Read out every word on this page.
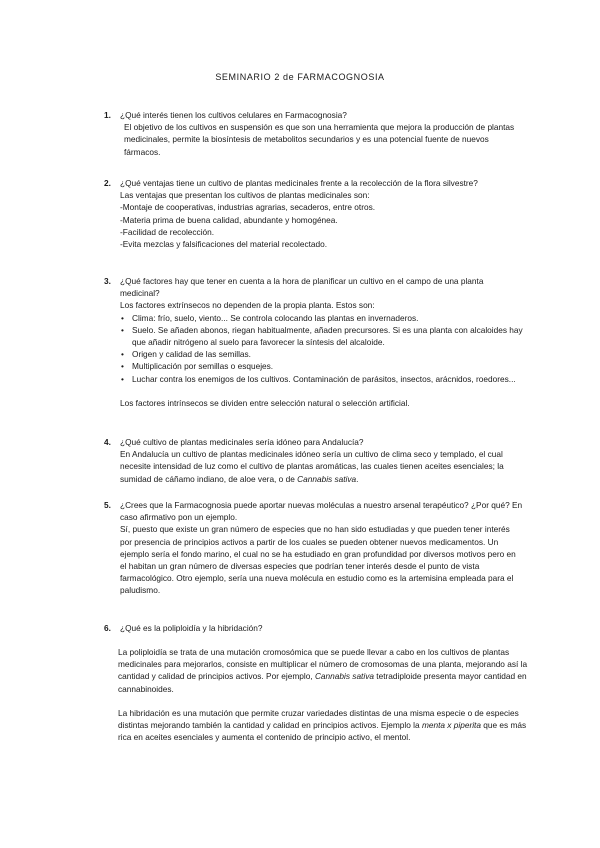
SEMINARIO 2 de FARMACOGNOSIA
1. ¿Qué interés tienen los cultivos celulares en Farmacognosia?
El objetivo de los cultivos en suspensión es que son una herramienta que mejora la producción de plantas medicinales, permite la biosíntesis de metabolitos secundarios y es una potencial fuente de nuevos fármacos.
2. ¿Qué ventajas tiene un cultivo de plantas medicinales frente a la recolección de la flora silvestre?
Las ventajas que presentan los cultivos de plantas medicinales son:
-Montaje de cooperativas, industrias agrarias, secaderos, entre otros.
-Materia prima de buena calidad, abundante y homogénea.
-Facilidad de recolección.
-Evita mezclas y falsificaciones del material recolectado.
3. ¿Qué factores hay que tener en cuenta a la hora de planificar un cultivo en el campo de una planta medicinal?
Los factores extrínsecos no dependen de la propia planta. Estos son:
• Clima: frío, suelo, viento... Se controla colocando las plantas en invernaderos.
• Suelo. Se añaden abonos, riegan habitualmente, añaden precursores. Si es una planta con alcaloides hay que añadir nitrógeno al suelo para favorecer la síntesis del alcaloide.
• Origen y calidad de las semillas.
• Multiplicación por semillas o esquejes.
• Luchar contra los enemigos de los cultivos. Contaminación de parásitos, insectos, arácnidos, roedores...
Los factores intrínsecos se dividen entre selección natural o selección artificial.
4. ¿Qué cultivo de plantas medicinales sería idóneo para Andalucía?
En Andalucía un cultivo de plantas medicinales idóneo sería un cultivo de clima seco y templado, el cual necesite intensidad de luz como el cultivo de plantas aromáticas, las cuales tienen aceites esenciales; la sumidad de cáñamo indiano, de aloe vera, o de Cannabis sativa.
5. ¿Crees que la Farmacognosia puede aportar nuevas moléculas a nuestro arsenal terapéutico? ¿Por qué? En caso afirmativo pon un ejemplo.
Sí, puesto que existe un gran número de especies que no han sido estudiadas y que pueden tener interés por presencia de principios activos a partir de los cuales se pueden obtener nuevos medicamentos. Un ejemplo sería el fondo marino, el cual no se ha estudiado en gran profundidad por diversos motivos pero en el habitan un gran número de diversas especies que podrían tener interés desde el punto de vista farmacológico. Otro ejemplo, sería una nueva molécula en estudio como es la artemisina empleada para el paludismo.
6. ¿Qué es la poliploidía y la hibridación?
La poliploidía se trata de una mutación cromosómica que se puede llevar a cabo en los cultivos de plantas medicinales para mejorarlos, consiste en multiplicar el número de cromosomas de una planta, mejorando así la cantidad y calidad de principios activos. Por ejemplo, Cannabis sativa tetradiploide presenta mayor cantidad en cannabinoides.
La hibridación es una mutación que permite cruzar variedades distintas de una misma especie o de especies distintas mejorando también la cantidad y calidad en principios activos. Ejemplo la mentа x piperita que es más rica en aceites esenciales y aumenta el contenido de principio activo, el mentol.
